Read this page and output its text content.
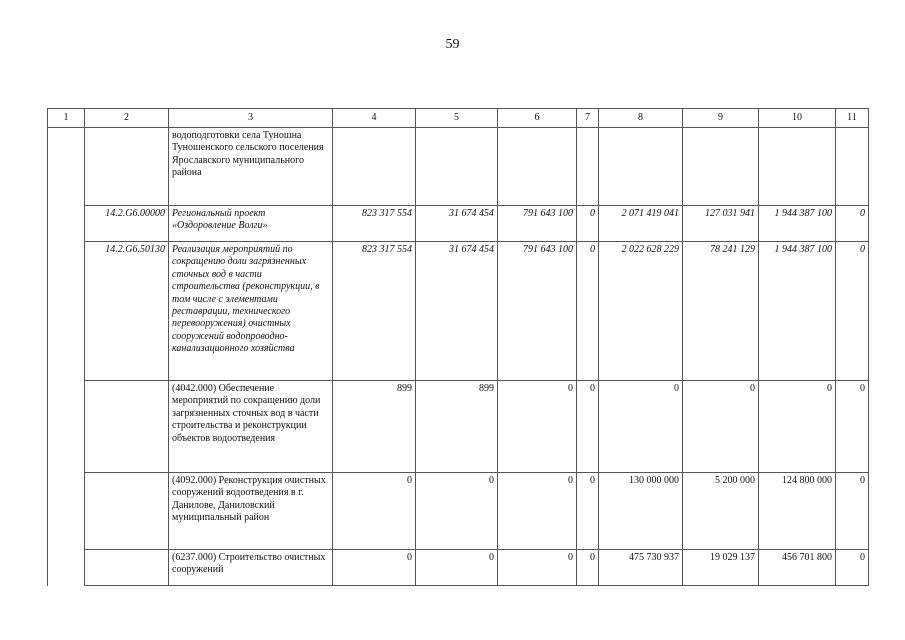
59
1	2	3	4	5	6	7	8	9	10	11
		водоподготовки села Туношна Туношенского сельского поселения Ярославского муниципального района								
	14.2.G6.00000	Региональный проект «Оздоровление Волги»	823 317 554	31 674 454	791 643 100	0	2 071 419 041	127 031 941	1 944 387 100	0
	14.2.G6.50130	Реализация мероприятий по сокращению доли загрязненных сточных вод в части строительства (реконструкции, в том числе с элементами реставрации, технического перевооружения) очистных сооружений водопроводно-канализационного хозяйства	823 317 554	31 674 454	791 643 100	0	2 022 628 229	78 241 129	1 944 387 100	0
		(4042.000) Обеспечение мероприятий по сокращению доли загрязненных сточных вод в части строительства и реконструкции объектов водоотведения	899	899	0	0	0	0	0	0
		(4092.000) Реконструкция очистных сооружений водоотведения в г. Данилове, Даниловский муниципальный район	0	0	0	0	130 000 000	5 200 000	124 800 000	0
		(6237.000) Строительство очистных сооружений	0	0	0	0	475 730 937	19 029 137	456 701 800	0
